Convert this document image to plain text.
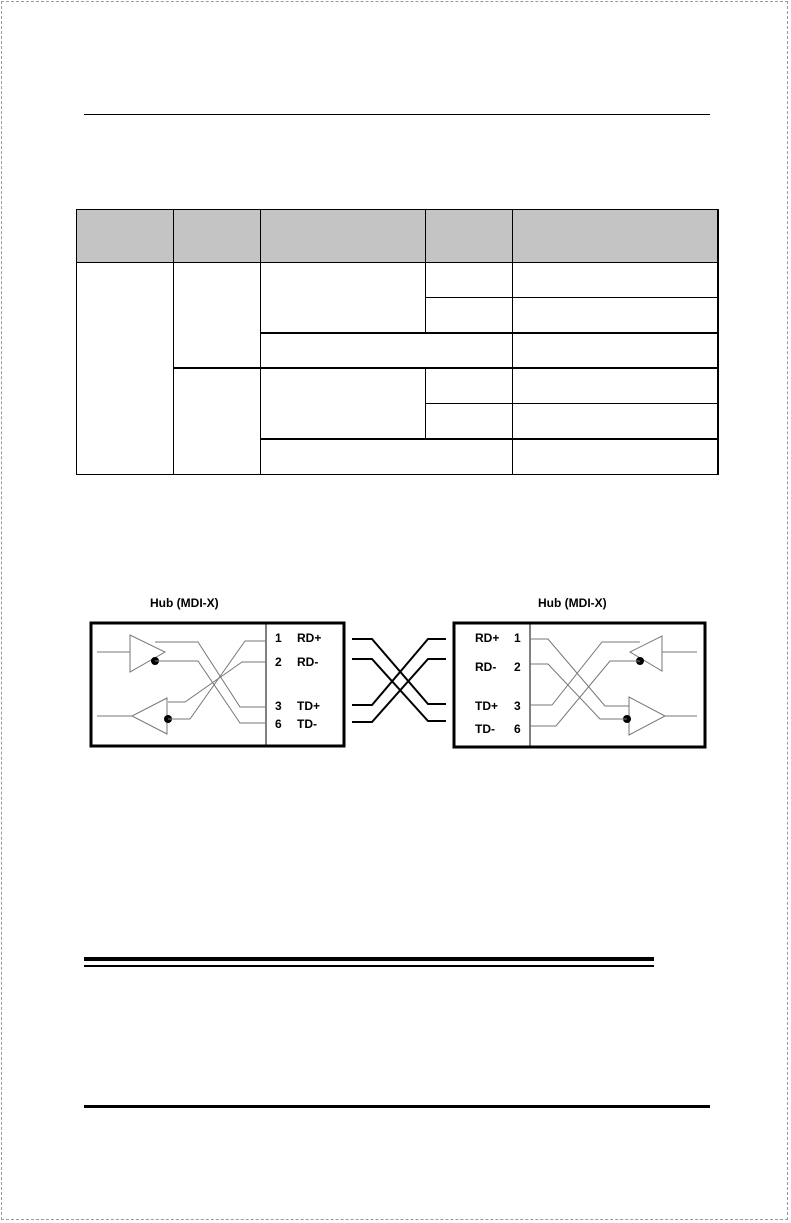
Hub (MDI-X)
1 RD+
2 RD-
3 TD+
6 TD-
Hub (MDI-X)
RD+ 1
RD- 2
TD+ 3
TD- 6
